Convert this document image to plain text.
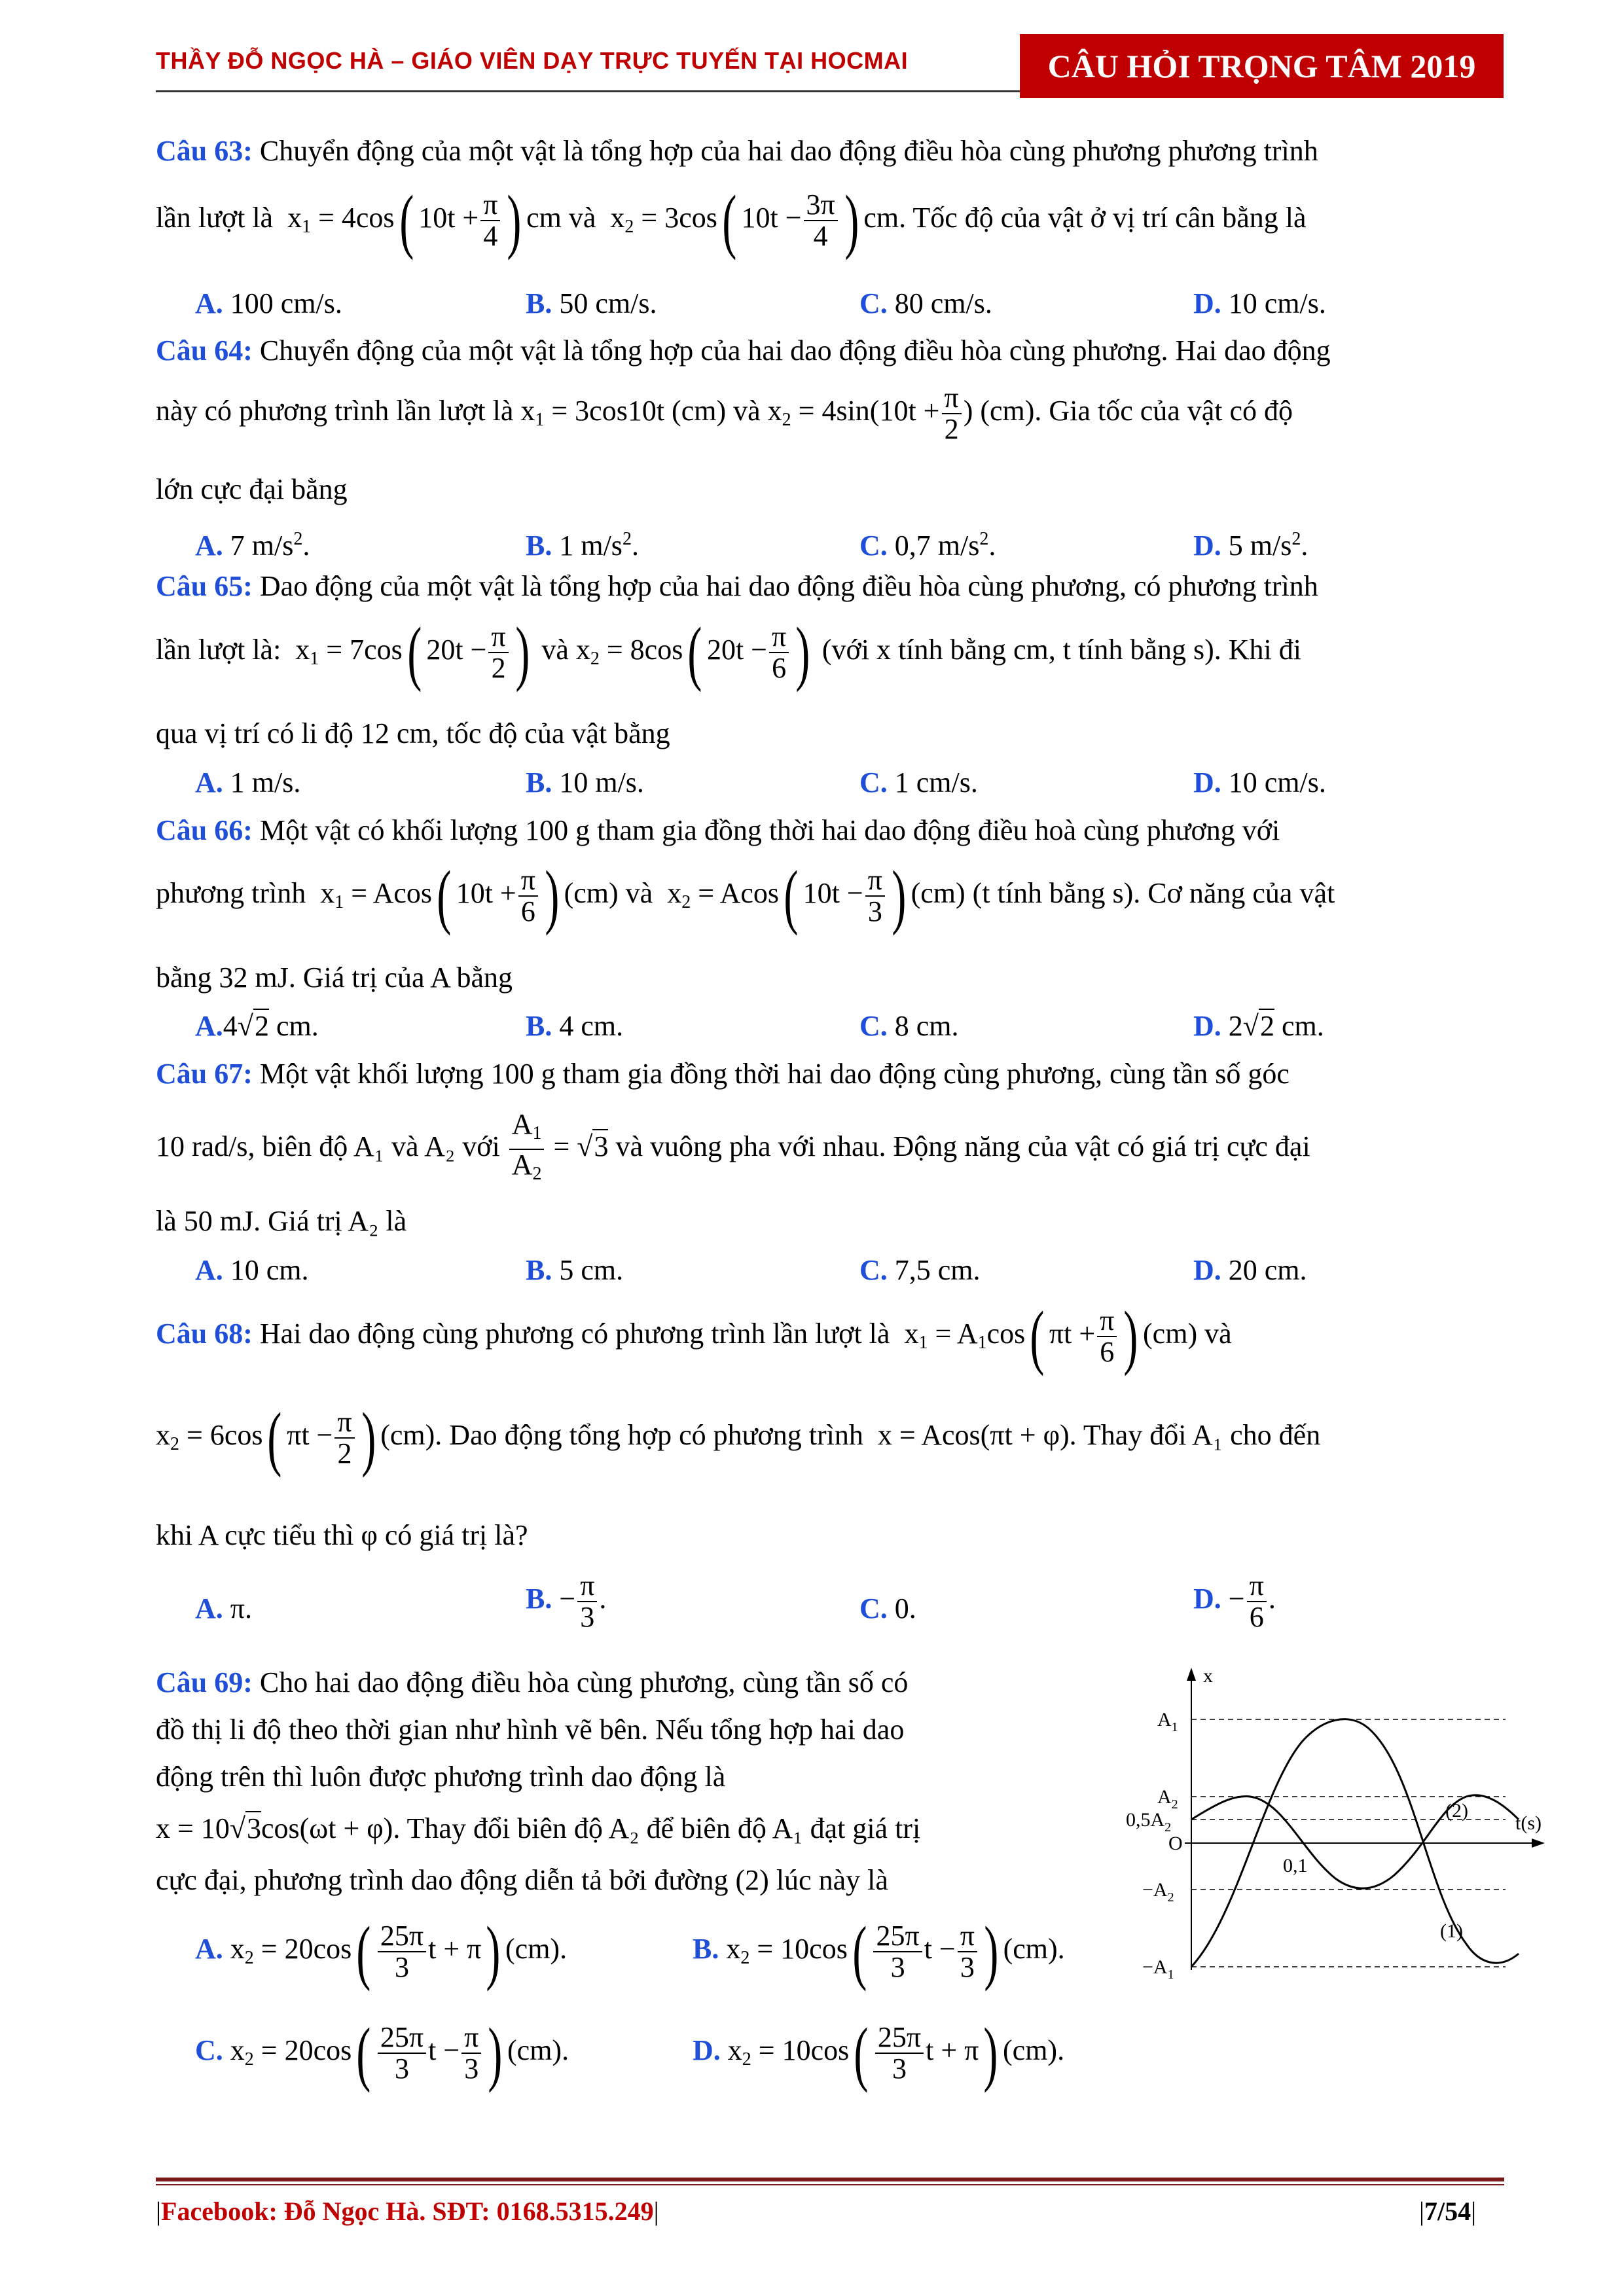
THẦY ĐỖ NGỌC HÀ – GIÁO VIÊN DẠY TRỰC TUYẾN TẠI HOCMAI	CÂU HỎI TRỌNG TÂM 2019
Câu 63: Chuyển động của một vật là tổng hợp của hai dao động điều hòa cùng phương phương trình
lần lượt là  $x_1 = 4\cos$( $10t + \frac{\pi}{4}$ ) cm và  $x_2 = 3\cos$( $10t - \frac{3\pi}{4}$ ) cm. Tốc độ của vật ở vị trí cân bằng là
A. 100 cm/s.	B. 50 cm/s.	C. 80 cm/s.	D. 10 cm/s.
Câu 64: Chuyển động của một vật là tổng hợp của hai dao động điều hòa cùng phương. Hai dao động
này có phương trình lần lượt là $x_1 = 3\cos 10t$ (cm) và $x_2 = 4\sin(10t + \frac{\pi}{2}$ ) (cm). Gia tốc của vật có độ
lớn cực đại bằng
A. 7 $m/s^2$.	B. 1 $m/s^2$.	C. 0,7 $m/s^2$.	D. 5 $m/s^2$.
Câu 65: Dao động của một vật là tổng hợp của hai dao động điều hòa cùng phương, có phương trình
lần lượt là:  $x_1 = 7\cos$( $20t - \frac{\pi}{2}$ ) và $x_2 = 8\cos$( $20t - \frac{\pi}{6}$ ) (với x tính bằng cm, t tính bằng s). Khi đi
qua vị trí có li độ 12 cm, tốc độ của vật bằng
A. 1 m/s.	B. 10 m/s.	C. 1 cm/s.	D. 10 cm/s.
Câu 66: Một vật có khối lượng 100 g tham gia đồng thời hai dao động điều hoà cùng phương với
phương trình  $x_1 = Acos$( $10t + \frac{\pi}{6}$ ) (cm) và  $x_2 = Acos$( $10t - \frac{\pi}{3}$ ) (cm) (t tính bằng s). Cơ năng của vật
bằng 32 mJ. Giá trị của A bằng
A.4√2 cm.	B. 4 cm.	C. 8 cm.	D. 2√2 cm.
Câu 67: Một vật khối lượng 100 g tham gia đồng thời hai dao động cùng phương, cùng tần số góc
10 rad/s, biên độ A₁ và A₂ với $\frac{A_1}{A_2} = √3$ và vuông pha với nhau. Động năng của vật có giá trị cực đại
là 50 mJ. Giá trị A₂ là
A. 10 cm.	B. 5 cm.	C. 7,5 cm.	D. 20 cm.
Câu 68: Hai dao động cùng phương có phương trình lần lượt là  $x_1 = A_1\cos$( $\pi t + \frac{\pi}{6}$ ) (cm) và
$x_2 = 6\cos$( $\pi t - \frac{\pi}{2}$ ) (cm). Dao động tổng hợp có phương trình  x = Acos(πt + φ). Thay đổi A₁ cho đến
khi A cực tiểu thì φ có giá trị là?
A. π.	B. − $\frac{\pi}{3}$ .	C. 0.	D. − $\frac{\pi}{6}$ .
Câu 69: Cho hai dao động điều hòa cùng phương, cùng tần số có
đồ thị li độ theo thời gian như hình vẽ bên. Nếu tổng hợp hai dao
động trên thì luôn được phương trình dao động là
x = 10√3cos(ωt + φ). Thay đổi biên độ A₂ để biên độ A₁ đạt giá trị
cực đại, phương trình dao động diễn tả bởi đường (2) lúc này là
A. $x_2 = 20\cos( \frac{25\pi}{3}$ t + π) (cm).	B. $x_2 = 10\cos( \frac{25\pi}{3}$ $t - \frac{\pi}{3}$ ) (cm).
C. $x_2 = 20\cos( \frac{25\pi}{3}$ $t - \frac{\pi}{3}$ ) (cm).	D. $x_2 = 10\cos( \frac{25\pi}{3}$ t + π) (cm).
x
t(s)
$A_1$
$A_2$
$0,5A_2$
O
0,1
$-A_2$
$-A_1$
(1)
(2)
|Facebook: Đỗ Ngọc Hà. SĐT: 0168.5315.249|	|7/54|
